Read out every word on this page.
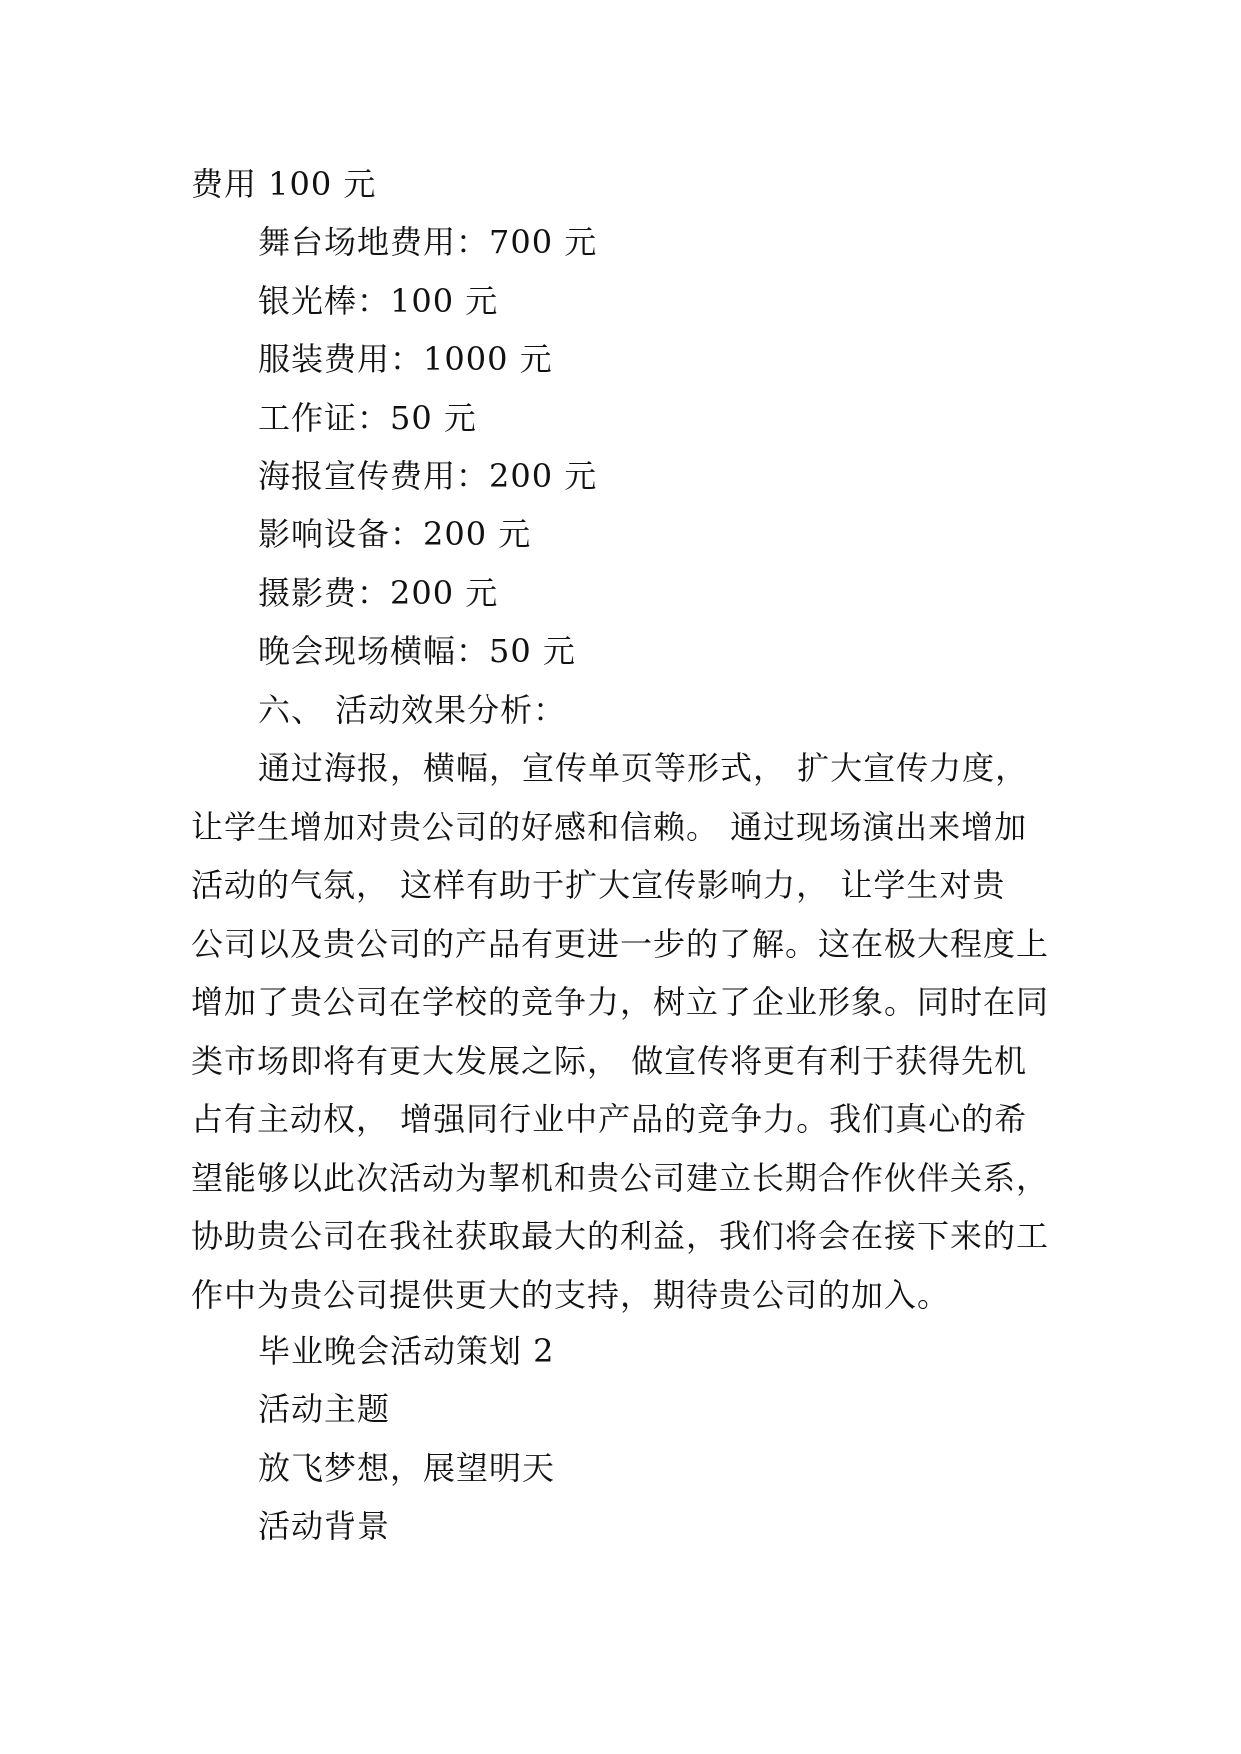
费用 100 元
舞台场地费用：700 元
银光棒：100 元
服装费用：1000 元
工作证：50 元
海报宣传费用：200 元
影响设备：200 元
摄影费：200 元
晚会现场横幅：50 元
六、 活动效果分析：
通过海报，横幅，宣传单页等形式， 扩大宣传力度，
让学生增加对贵公司的好感和信赖。 通过现场演出来增加
活动的气氛， 这样有助于扩大宣传影响力， 让学生对贵
公司以及贵公司的产品有更进一步的了解。这在极大程度上
增加了贵公司在学校的竞争力，树立了企业形象。同时在同
类市场即将有更大发展之际， 做宣传将更有利于获得先机
占有主动权， 增强同行业中产品的竞争力。我们真心的希
望能够以此次活动为挈机和贵公司建立长期合作伙伴关系，
协助贵公司在我社获取最大的利益，我们将会在接下来的工
作中为贵公司提供更大的支持，期待贵公司的加入。
毕业晚会活动策划 2
活动主题
放飞梦想，展望明天
活动背景
